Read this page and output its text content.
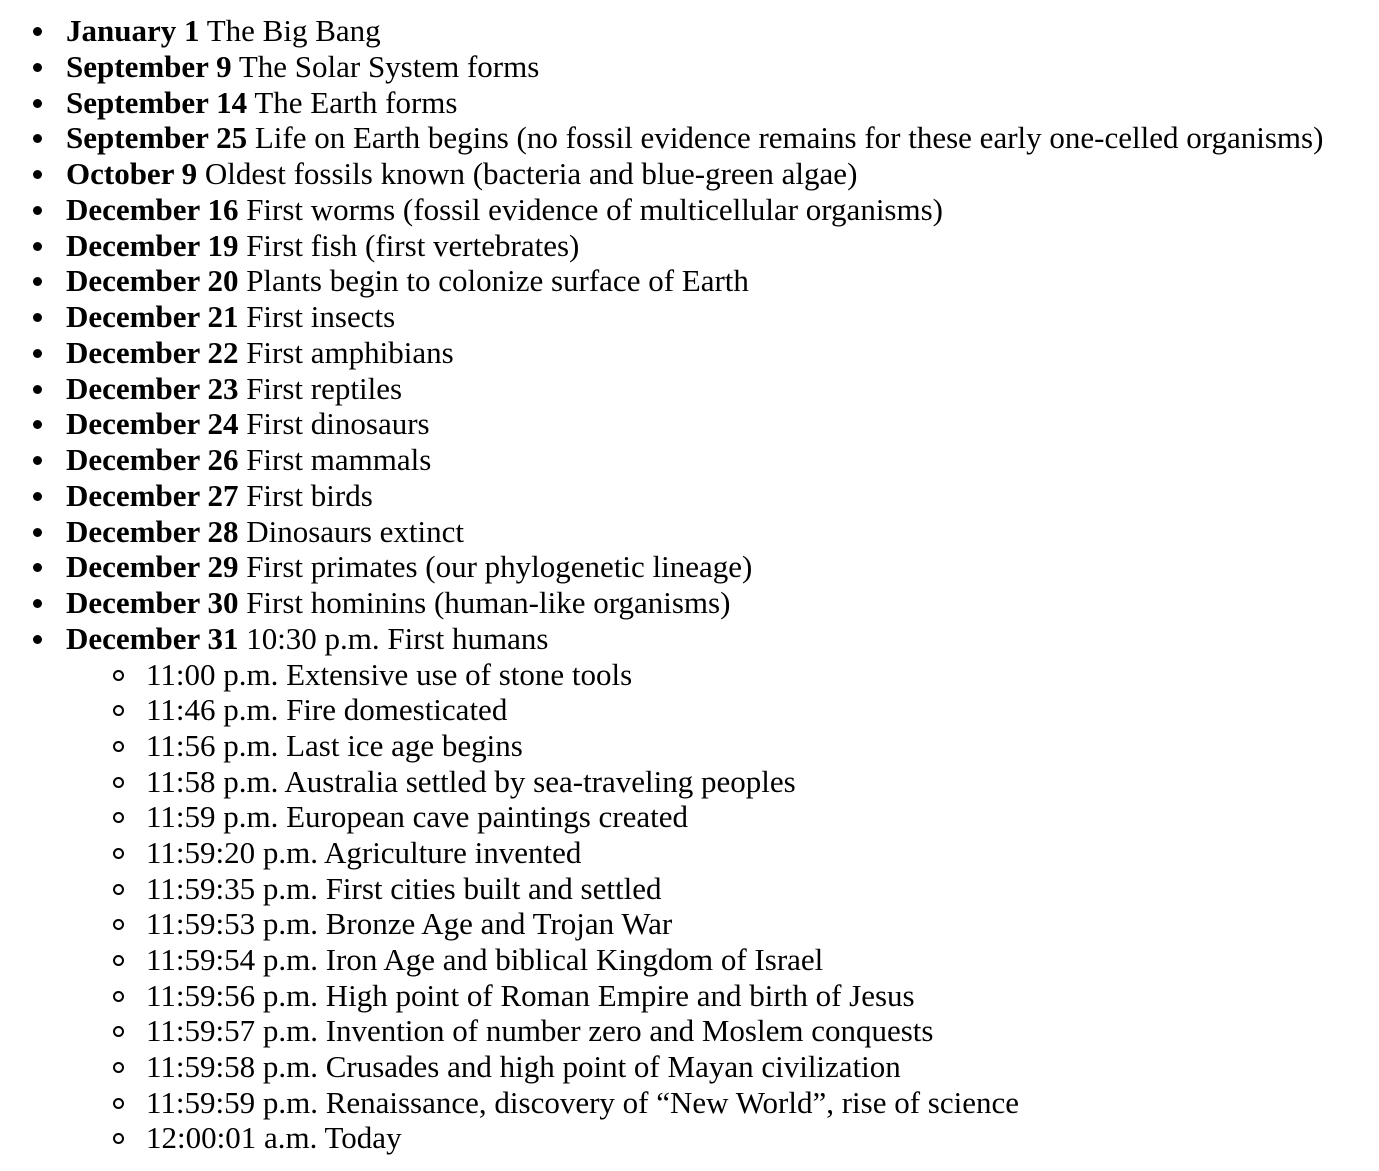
January 1 The Big Bang
September 9 The Solar System forms
September 14 The Earth forms
September 25 Life on Earth begins (no fossil evidence remains for these early one-celled organisms)
October 9 Oldest fossils known (bacteria and blue-green algae)
December 16 First worms (fossil evidence of multicellular organisms)
December 19 First fish (first vertebrates)
December 20 Plants begin to colonize surface of Earth
December 21 First insects
December 22 First amphibians
December 23 First reptiles
December 24 First dinosaurs
December 26 First mammals
December 27 First birds
December 28 Dinosaurs extinct
December 29 First primates (our phylogenetic lineage)
December 30 First hominins (human-like organisms)
December 31 10:30 p.m. First humans
11:00 p.m. Extensive use of stone tools
11:46 p.m. Fire domesticated
11:56 p.m. Last ice age begins
11:58 p.m. Australia settled by sea-traveling peoples
11:59 p.m. European cave paintings created
11:59:20 p.m. Agriculture invented
11:59:35 p.m. First cities built and settled
11:59:53 p.m. Bronze Age and Trojan War
11:59:54 p.m. Iron Age and biblical Kingdom of Israel
11:59:56 p.m. High point of Roman Empire and birth of Jesus
11:59:57 p.m. Invention of number zero and Moslem conquests
11:59:58 p.m. Crusades and high point of Mayan civilization
11:59:59 p.m. Renaissance, discovery of “New World”, rise of science
12:00:01 a.m. Today
